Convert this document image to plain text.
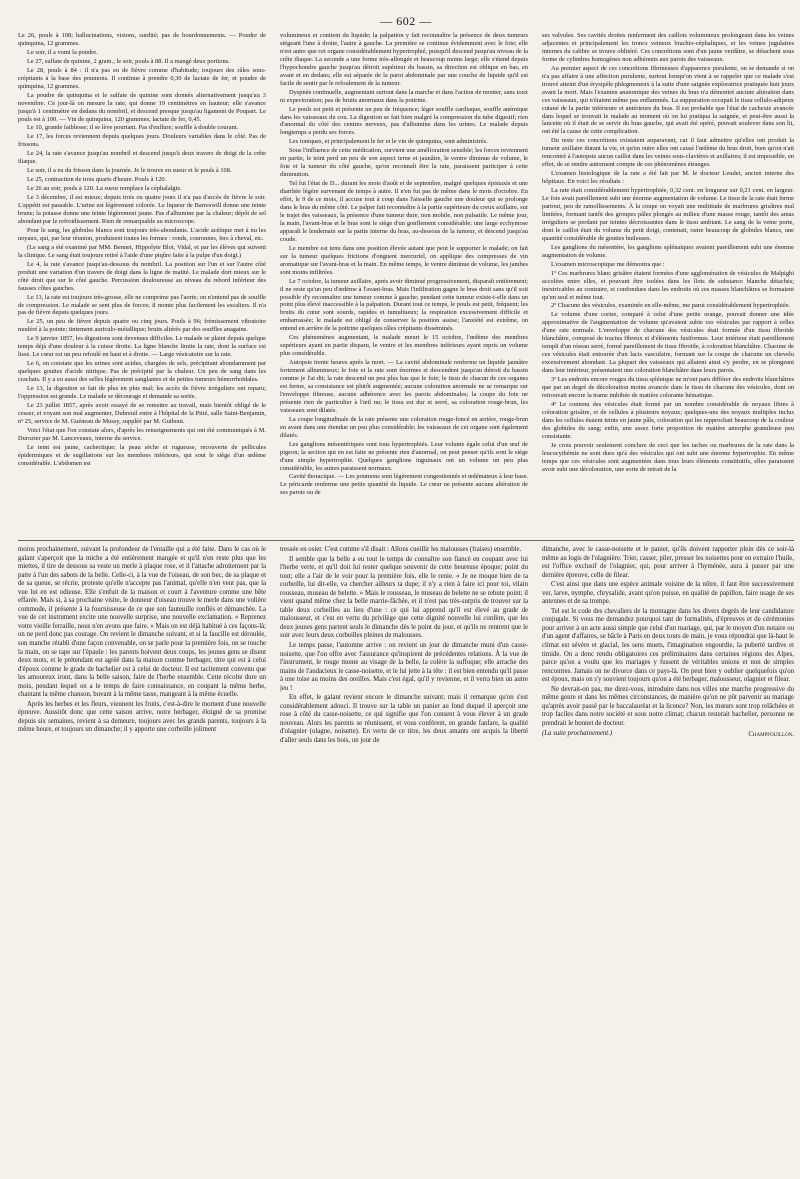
— 602 —

Le 26, pouls à 108; hallucinations, visions, surdité; pas de bourdonnements. — Poudre de quinquina, 12 grammes.

Le soir, il a vomi la poudre.

Le 27, sulfate de quinine, 2 gram.; le soir, pouls à 88. Il a mangé deux portions.

Le 28, pouls à 84 : il n'a pas eu de fièvre comme d'habitude; toujours des râles sous-crépitants à la base des poumons. Il continue à prendre 0,30 de lactate de fer, et poudre de quinquina, 12 grammes.

La poudre de quinquina et le sulfate de quinine sont donnés alternativement jusqu'au 3 novembre. Ce jour-là on mesure la rate, qui donne 19 centimètres en hauteur; elle s'avance jusqu'à 1 centimètre en dedans du nombril, et descend presque jusqu'au ligament de Poupart. Le pouls est à 100. — Vin de quinquina, 120 grammes; lactate de fer, 0,45.

Le 10, grande faiblesse; il se lève pourtant. Pas d'enflure; souffle à double courant.

Le 17, les forces reviennent depuis quelques jours. Douleurs variables dans le côté. Pas de frissons.

Le 24, la rate s'avance jusqu'au nombril et descend jusqu'à deux travers de doigt de la crête iliaque.

Le soir, il a eu du frisson dans la journée. Je le trouve en sueur et le pouls à 108.

Le 25, contraction de trois quarts d'heure. Pouls à 120.

Le 26 au soir, pouls à 120. La sueur remplace la céphalalgie.

Le 3 décembre, il est mieux; depuis trois ou quatre jours il n'a pas d'accès de fièvre le soir. L'appétit est passable. L'urine est légèrement colorée. Le liqueur de Barreswill donne une teinte brune; la potasse donne une teinte légèrement jaune. Pas d'albumine par la chaleur; dépôt de sel abondant par le refroidissement. Rien de remarquable au microscope.

Pour le sang, les globules blancs sont toujours très-abondants. L'acide acétique met à nu les noyaux, qui, par leur réunion, produisent toutes les formes : ronds, couronnes, fers à cheval, etc.

(Le sang a été examiné par MM. Bennet, Hippolyte Blot, Vidal, et par les élèves qui suivent la clinique. Le sang était toujours retiré à l'aide d'une piqûre faite à la pulpe d'un doigt.)

Le 4, la rate s'avance jusqu'au-dessous du nombril. La position sur l'un et sur l'autre côté produit une variation d'un travers de doigt dans la ligne de matité. Le malade dort mieux sur le côté droit que sur le côté gauche. Percussion douloureuse au niveau du rebord inférieur des fausses côtes gauches.

Le 13, la rate est toujours très-grosse, elle ne comprime pas l'aorte; on n'entend pas de souffle de compression. Le malade se sent plus de forces; il monte plus facilement les escaliers. Il n'a pas de fièvre depuis quelques jours.

Le 25, un peu de fièvre depuis quatre ou cinq jours. Pouls à 96; frémissement vibratoire modéré à la pointe; tintement auriculo-métallique; bruits altérés par des souffles anagains.

Le 9 janvier 1857, les digestions sont devenues difficiles. Le malade se plaint depuis quelque temps déjà d'une douleur à la cuisse droite. La ligne blanche limite la rate, dont la surface est lisse. Le cœur est un peu refoulé en haut et à droite. — Large vésicatoire sur la rate.

Le 6, on constate que les urines sont acides, chargées de sels, précipitant abondamment par quelques gouttes d'acide nitrique. Pas de précipité par la chaleur. Un peu de sang dans les crachats. Il y a eu aussi des selles légèrement sanglantes et de petites tumeurs hémorrhoïdales.

Le 13, la digestion se fait de plus en plus mal; les accès de fièvre irréguliers ont reparu; l'oppression est grande. Le malade se décourage et demande sa sortie.

Le 23 juillet 1857, après avoir essayé de se remettre au travail, mais bientôt obligé de le cesser, et voyant son mal augmenter, Dubreuil entre à l'hôpital de la Pitié, salle Saint-Benjamin, nº 25, service de M. Guéneau de Mussy, suppléé par M. Guibout.

Voici l'état que l'on constate alors, d'après les renseignements qui ont été communiqués à M. Durozier par M. Lanceveaux, interne du service.

Le teint est jaune, cachectique; la peau sèche et rugueuse, recouverte de pellicules épidermiques et de sugillations sur les membres inférieurs, qui sont le siège d'un œdème considérable. L'abdomen est

volumineux et contient du liquide; la palpation y fait reconnaître la présence de deux tumeurs siégeant l'une à droite, l'autre à gauche. La première se continue évidemment avec le foie; elle n'est autre que cet organe considérablement hypertrophié, puisqu'il descend jusqu'au niveau de la crête iliaque. La seconde a une forme très-allongée et beaucoup moins large; elle s'étend depuis l'hypochondre gauche jusqu'au détroit supérieur du bassin, sa direction est oblique en bas, en avant et en dedans; elle est séparée de la paroi abdominale par une couche de liquide qu'il est facile de sentir par le refoulement de la tumeur.

Dyspnée continuelle, augmentant surtout dans la marche et dans l'action de monter, sans toux ni expectoration; pas de bruits anormaux dans la poitrine.

Le pouls est petit et présente un peu de fréquence; léger souffle cardiaque, souffle anémique dans les vaisseaux du cou. La digestion se fait bien malgré la compression du tube digestif; rien d'anormal du côté des centres nerveux, pas d'albumine dans les urines. Le malade depuis longtemps a perdu ses forces.

Les toniques, et principalement le fer et le vin de quinquina, sont administrés.

Sous l'influence de cette médication, survient une amélioration sensible; les forces reviennent en partie, le teint perd un peu de son aspect terne et jaunâtre, le ventre diminue de volume, le foie et la tumeur du côté gauche, qu'on reconnaît être la rate, paraissent participer à cette diminution.

Tel fut l'état de D... durant les mois d'août et de septembre, malgré quelques épistaxis et une diarrhée légère survenant de temps à autre. Il n'en fut pas de même dans le mois d'octobre. En effet, le 9 de ce mois, il accuse tout à coup dans l'aisselle gauche une douleur qui se prolonge dans le bras du même côté. Le palper fait reconnaître à la partie supérieure du creux axillaire, sur le trajet des vaisseaux, la présence d'une tumeur dure, non mobile, non pulsatile. Le même jour, la main, l'avant-bras et le bras sont le siège d'un gonflement considérable; une large ecchymose apparaît le lendemain sur la partie interne du bras, au-dessous de la tumeur, et descend jusqu'au coude.

Le membre est tenu dans une position élevée autant que peut le supporter le malade; on fait sur la tumeur quelques frictions d'onguent mercuriel, on applique des compresses de vin aromatique sur l'avant-bras et la main. En même temps, le ventre diminue de volume, les jambes sont moins infiltrées.

Le 7 octobre, la tumeur axillaire, après avoir diminué progressivement, disparaît entièrement; il ne reste qu'un peu d'œdème à l'avant-bras. Mais l'infiltration gagne le bras droit sans qu'il soit possible d'y reconnaître une tumeur comme à gauche; pendant cette tumeur existe-t-elle dans un point plus élevé inaccessible à la palpation. Durant tout ce temps, le pouls est petit, fréquent; les bruits du cœur sont sourds, rapides et tumultueux; la respiration excessivement difficile et embarrassée; le malade est obligé de conserver la position assise; l'anxiété est extrême, on entend en arrière de la poitrine quelques râles crépitants disséminés.

Ces phénomènes augmentant, le malade meurt le 15 octobre, l'œdème des membres supérieurs ayant en partie disparu, le ventre et les membres inférieurs ayant repris un volume plus considérable.

Autopsie trente heures après la mort. — La cavité abdominale renferme un liquide jaunâtre fortement albumineux; le foie et la rate sont énormes et descendent jusqu'au détroit du bassin comme je l'ai dit; la rate descend un peu plus bas que le foie; le tissu de chacun de ces organes est ferme, sa consistance est plutôt augmentée; aucune coloration anormale ne se remarque sur l'enveloppe fibreuse, aucune adhérence avec les parois abdominales; la coupe du foie ne présente rien de particulier à l'œil nu; le tissu est dur et serré, sa coloration rouge-brun, les vaisseaux sont dilatés.

La coupe longitudinale de la rate présente une coloration rouge-foncé en arrière, rouge-brun en avant dans une étendue un peu plus considérable; les vaisseaux de cet organe sont également dilatés.

Les ganglions mésentériques sont tous hypertrophiés. Leur volume égale celui d'un œuf de pigeon; la section qui en est faite ne présente rien d'anormal, on peut penser qu'ils sont le siège d'une simple hypertrophie. Quelques ganglions inguinaux ont un volume un peu plus considérable, les autres paraissent normaux.

Cavité thoracique. — Les poumons sont légèrement congestionnés et œdémateux à leur base. Le péricarde renferme une petite quantité de liquide. Le cœur ne présente aucune altération de ses parois ou de

ses valvules. Ses cavités droites renferment des caillots volumineux prolongeant dans les veines adjacentes et principalement les troncs veineux brachio-céphaliques, et les veines jugulaires internes du calibre se trouve oblitéré. Ces concrétions sont d'un jaune verdâtre, se détachent sous forme de cylindres homogènes non adhérents aux parois des vaisseaux.

Au premier aspect de ces concrétions fibrineuses d'apparence purulente, on se demande si on n'a pas affaire à une affection purulente, surtout lorsqu'on vient à se rappeler que ce malade s'est trouvé atteint d'un érysipèle phlegmoneux à la suite d'une saignée exploratrice pratiquée huit jours avant la mort. Mais l'examen anatomique des veines du bras n'a démontré aucune altération dans ces vaisseaux, qui n'étaient même pas enflammés. La suppuration occupait le tissu cellulo-adipeux cutané de la partie inférieure et antérieure du bras. Il est probable que l'état de cachexie avancée dans lequel se trouvait le malade au moment où on lui pratiqua la saignée, et peut-être aussi la lancette où il était de se servir du bras gauche, qui avait été opéré, pouvait soulever dans son lit, ont été la cause de cette complication.

Du reste ces concrétions existaient auparavant, car il faut admettre qu'elles ont produit la tumeur axillaire durant la vie, et qu'en outre elles ont causé l'œdème du bras droit, bien qu'on n'ait rencontré à l'autopsie aucun caillot dans les veines sous-clavières et axillaires; il est impossible, en effet, de se rendre autrement compte de ces phénomènes étranges.

L'examen histologique de la rate a été fait par M. le docteur Leudet, ancien interne des hôpitaux. En voici les résultats :

La rate était considérablement hypertrophiée, 0,32 cent. en longueur sur 0,21 cent. en largeur. Le foie avait pareillement subi une énorme augmentation de volume. Le tissu de la rate était ferme partout, peu de ramollissements. À la coupe on voyait une multitude de marbrures grisâtres mal limitées, formant tantôt des groupes pâles plongés au milieu d'une masse rouge, tantôt des amas irréguliers se perdant par teintes décroissantes dans le tissu ambiant. Le sang de la veine porte, dont le caillot était du volume du petit doigt, contenait, outre beaucoup de globules blancs, une quantité considérable de gouttes huileuses.

Les ganglions du mésentère, les ganglions splénaiques avaient pareillement subi une énorme augmentation de volume.

L'examen microscopique me démontra que :

1º Ces marbrures blanc grisâtre étaient formées d'une agglomération de vésicules de Malpighi accolées entre elles, et pouvant être isolées dans les îlots de substance blanche détachés; inextricables au contraire, et confondues dans les endroits où ces masses blanchâtres se formaient qu'un seul et même tout.

2º Chacune des vésicules, examinée en elle-même, me parut considérablement hypertrophiée.

Le volume d'une corise, comparé à celui d'une petite orange, pouvait donner une idée approximative de l'augmentation de volume qu'avaient subie ces vésicules par rapport à celles d'une rate normale. L'enveloppe de chacune des vésicules était formée d'un tissu fibroïde blanchâtre, composé de tractus fibreux et d'éléments fusiformes. Leur intérieur était pareillement rempli d'un réseau serré, formé pareillement de tissu fibroïde, à coloration blanchâtre. Chacune de ces vésicules était entourée d'un lacis vasculaire, formant sur la coupe de chacune un chevelu excessivement abondant. La plupart des vaisseaux qui allaient ainsi s'y perdre, en se plongeant dans leur intérieur, présentaient une coloration blanchâtre dans leurs parois.

3º Les endroits encore rouges du tissu splénique ne m'ont paru différer des endroits blanchâtres que par un degré de décoloration moins avancée dans le tissu de chacune des vésicules, dont on retrouvait encore la trame imbibée de matière colorante hématique.

4º Le contenu des vésicules était formé par un nombre considérable de noyaux libres à coloration grisâtre, et de cellules à plusieurs noyaux; quelques-uns des noyaux multiples inclus dans les cellules étaient teints en jaune pâle, coloration qui les rapprochait beaucoup de la couleur des globules du sang; enfin, une assez forte proportion de matière amorphe granuleuse peu consistante.

Je crois pouvoir seulement conclure de ceci que les taches ou marbrures de la rate dans la leucocythémie ne sont dues qu'à des vésicules qui ont subi une énorme hypertrophie. En même temps que ces vésicules sont augmentées dans tous leurs éléments constitutifs, elles paraissent avoir subi une décoloration, une sorte de retrait de la

moins prochainement, suivant la profondeur de l'entaille qui a été faite. Dans le cas où le galant s'aperçoit que la miche a été entièrement mangée et qu'il n'en reste plus que les miettes, il tire de dessous sa veste un merle à plaque rose, et il l'attache adroitement par la patte à l'un des sabots de la belle. Celle-ci, à la vue de l'oiseau, de son bec, de sa plaque et de sa queue, se récrie, proteste qu'elle n'accepte pas l'animal, qu'elle n'en veut pas, que la vue lui en est odieuse. Elle s'enfuit de la maison et court à l'aventure comme une bête effarée. Mais si, à sa prochaine visite, le donneur d'oiseau trouve le merle dans une volière commode, il présente à la fournisseuse de ce que son fauteuille ronflés et démanchée. La vue de cet instrument excite une nouvelle surprise, une nouvelle exclamation. « Reprenez votre vieille ferraille, nous n'en avons que faire. » Mais on est déjà habitué à ces façons-là; on ne perd donc pas courage. On revient le dimanche suivant, et si la faucille est déroulée, son manche rétabli d'une façon convenable, on se parle pour la première fois, on se touche la main, on se tape sur l'épaule : les parents boivent deux coups, les jeunes gens se disent deux mots, et le prétendant est agréé dans la maison comme herbager, titre qui est à celui d'époux comme le grade de bachelier est à celui de docteur. Il est tacitement convenu que les amoureux iront, dans la belle saison, faire de l'herbe ensemble. Cette récolte dure un mois, pendant lequel on a le temps de faire connaissance, en coupant la même herbe, chantant la même chanson, buvant à la même tasse, mangeant à la même écuelle.

Après les herbes et les fleurs, viennent les fruits, c'est-à-dire le moment d'une nouvelle épreuve. Aussitôt donc que cette saison arrive, notre herbager, éloigné de sa promise depuis six semaines, revient à sa demeure, toujours avec les grands parents, toujours à la même heure, et toujours un dimanche; il y apporte une corbeille joliment

tressée en osier. C'est comme s'il disait : Allons cueillir les malousses (fraises) ensemble.

Il semble que la belle a eu tout le temps de connaître son fiancé en coupant avec lui l'herbe verte, et qu'il doit lui rester quelque souvenir de cette heureuse époque; point du tout; elle a l'air de le voir pour la première fois, elle le renie. « Je ne moque bien de ta corbeille, lui dit-elle, va chercher ailleurs ta dupe; il n'y a rien à faire ici pour toi, vilain rousseau, museau de belette. » Mais le rousseau, le museau de belette ne se rebute point; il vient quand même chez la belle marrie-fâchée, et il n'est pas très-surpris de trouver sur la table deux corbeilles au lieu d'une : ce qui lui apprend qu'il est élevé au grade de malousseur, et c'est en vertu du privilège que cette dignité nouvelle lui confère, que les deux jeunes gens partent seuls le dimanche dès le point du jour, et qu'ils ne rentrent que le soir avec leurs deux corbeilles pleines de malousses.

Le temps passe, l'automne arrive : on revient un jour de dimanche muni d'un casse-noisette, que l'on offre avec l'assurance qu'inspirent de précédentes relations. À la vue de l'instrument, le rouge monte au visage de la belle, la colère la suffoque; elle arrache des mains de l'audacieux le casse-noisette, et le lui jette à la tête : il est bien entendu qu'il passe à une toise au moins des oreilles. Mais c'est égal, qu'il y revienne, et il verra bien un autre jeu !

En effet, le galant revient encore le dimanche suivant; mais il remarque qu'on s'est considérablement adouci. Il trouve sur la table un panier au fond duquel il aperçoit une rose à côté du casse-noisette, ce qui signifie que l'on consent à vous élever à un grade nouveau. Alors les parents se réunissent, et vous confèrent, en grande fanfare, la qualité d'olagnier (olagne, noisette). En vertu de ce titre, les deux amants ont acquis la liberté d'aller seuls dans les bois, un jour de

dimanche, avec le casse-noisette et le panier, qu'ils doivent rapporter plein dès ce soir-là même au logis de l'olagnière. Trier, casser, piler, presser les noisettes pour en extraire l'huile, est l'office exclusif de l'olagnier, qui, pour arriver à l'hyménée, aura à passer par une dernière épreuve, celle de filear.

C'est ainsi que dans une espèce animale voisine de la nôtre, il faut être successivement ver, larve, nymphe, chrysalide, avant qu'on puisse, en qualité de papillon, faire usage de ses antennes et de sa trompe.

Tel est le code des chevaliers de la montagne dans les divers degrés de leur candidature conjugale. Si vous me demandez pourquoi tant de formalités, d'épreuves et de cérémonies pour arriver à un acte aussi simple que celui d'un mariage, qui, par le moyen d'un notaire ou d'un agent d'affaires, se bâcle à Paris en deux tours de main, je vous répondrai que là-haut le climat est sévère et glacial, les sens muets, l'imagination engourdie, la puberté tardive et timide. On a donc rendu obligatoires ces préliminaires dans certaines régions des Alpes, parce qu'on a voulu que les mariages y fussent de véritables unions et non de simples rencontres. Jamais on ne divorce dans ce pays-là. On peut bien y oublier quelquefois qu'on est époux, mais on s'y souvient toujours qu'on a été herbager, malousseur, olagnier et filear.

Ne devrait-on pas, me direz-vous, introduire dans nos villes une marche progressive du même genre et dans les mêmes circonstances, de manière qu'on ne pût parvenir au mariage qu'après avoir passé par le baccalauréat et la licence? Non, les mœurs sont trop relâchées et trop faciles dans notre société et sous notre climat; chacun resterait bachelier, personne ne prendrait le bonnet de docteur.

(La suite prochainement.)	Champfouillon.
